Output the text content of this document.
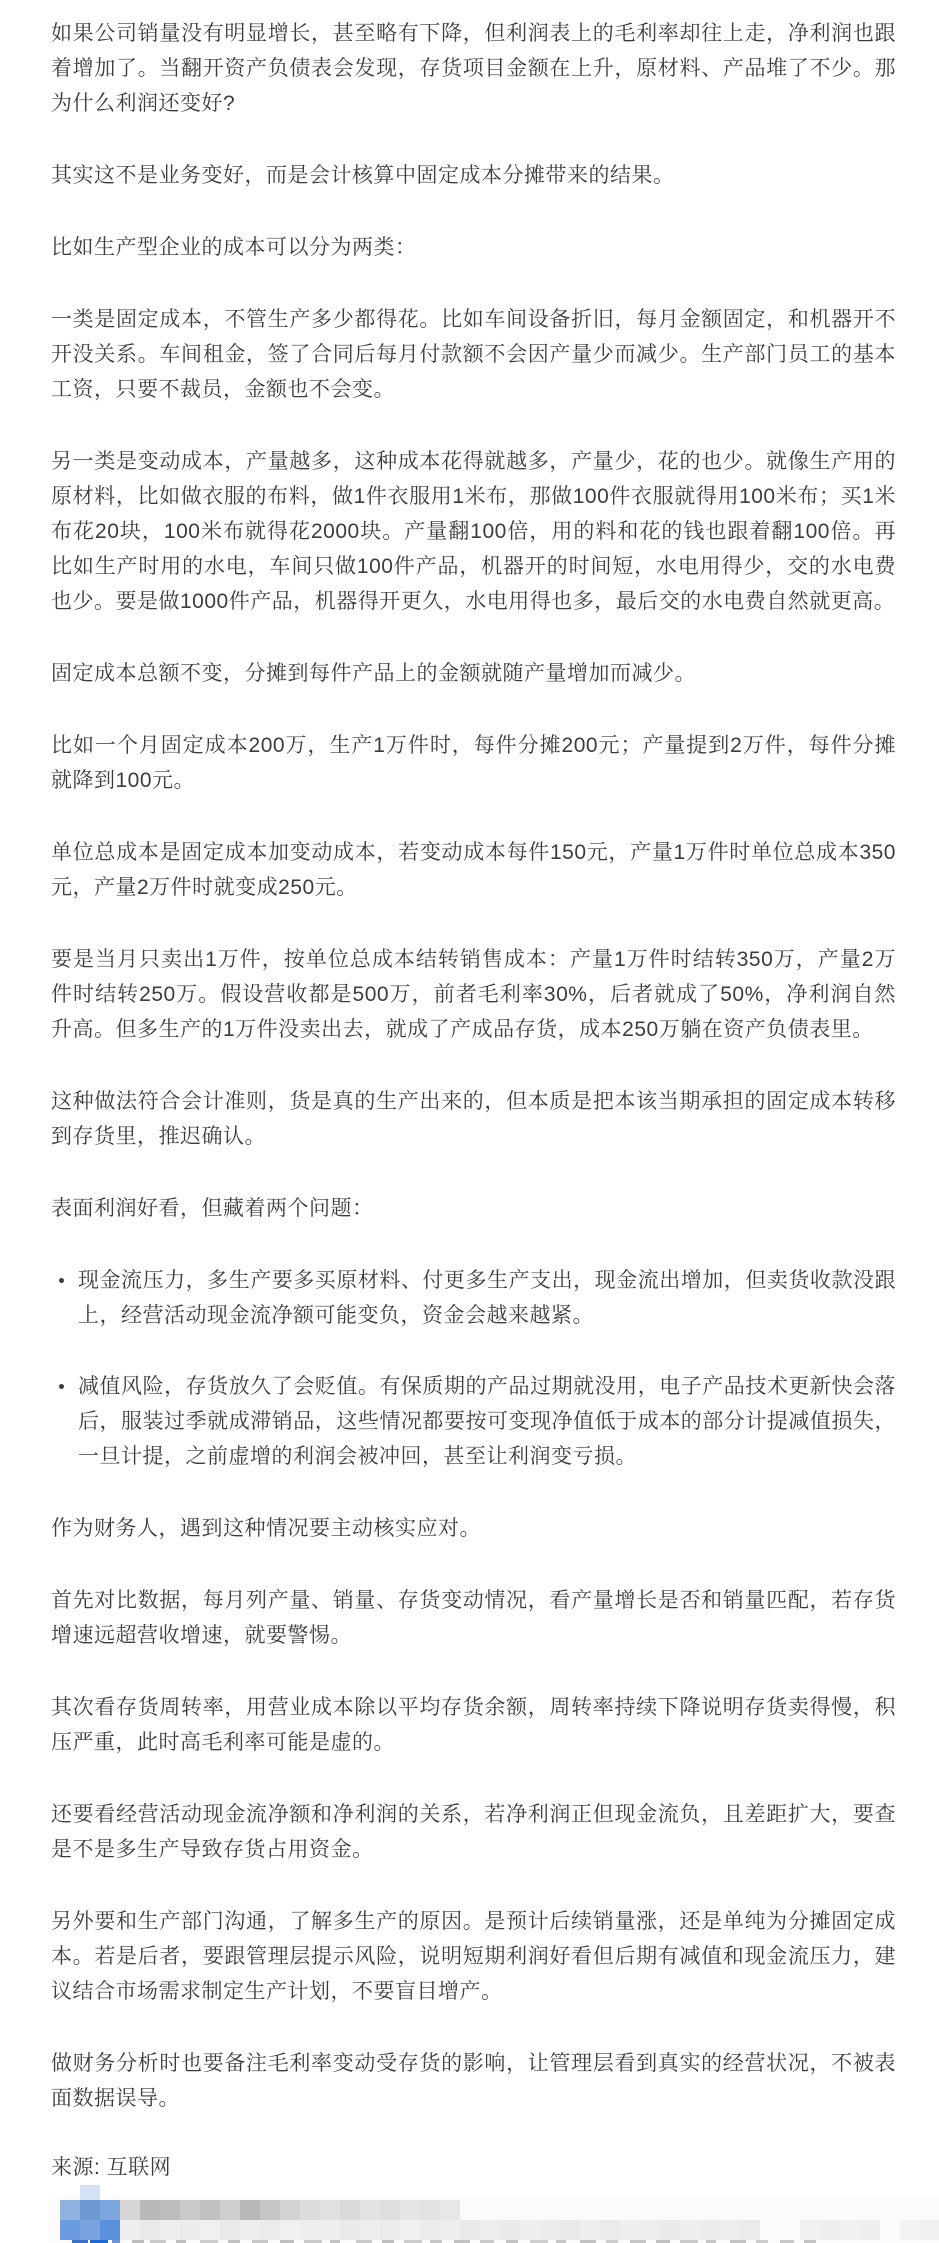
如果公司销量没有明显增长，甚至略有下降，但利润表上的毛利率却往上走，净利润也跟着增加了。当翻开资产负债表会发现，存货项目金额在上升，原材料、产品堆了不少。那为什么利润还变好?

其实这不是业务变好，而是会计核算中固定成本分摊带来的结果。

比如生产型企业的成本可以分为两类：

一类是固定成本，不管生产多少都得花。比如车间设备折旧，每月金额固定，和机器开不开没关系。车间租金，签了合同后每月付款额不会因产量少而减少。生产部门员工的基本工资，只要不裁员，金额也不会变。

另一类是变动成本，产量越多，这种成本花得就越多，产量少，花的也少。就像生产用的原材料，比如做衣服的布料，做1件衣服用1米布，那做100件衣服就得用100米布；买1米布花20块，100米布就得花2000块。产量翻100倍，用的料和花的钱也跟着翻100倍。再比如生产时用的水电，车间只做100件产品，机器开的时间短，水电用得少，交的水电费也少。要是做1000件产品，机器得开更久，水电用得也多，最后交的水电费自然就更高。

固定成本总额不变，分摊到每件产品上的金额就随产量增加而减少。

比如一个月固定成本200万，生产1万件时，每件分摊200元；产量提到2万件，每件分摊就降到100元。

单位总成本是固定成本加变动成本，若变动成本每件150元，产量1万件时单位总成本350元，产量2万件时就变成250元。

要是当月只卖出1万件，按单位总成本结转销售成本：产量1万件时结转350万，产量2万件时结转250万。假设营收都是500万，前者毛利率30%，后者就成了50%，净利润自然升高。但多生产的1万件没卖出去，就成了产成品存货，成本250万躺在资产负债表里。

这种做法符合会计准则，货是真的生产出来的，但本质是把本该当期承担的固定成本转移到存货里，推迟确认。

表面利润好看，但藏着两个问题：

现金流压力，多生产要多买原材料、付更多生产支出，现金流出增加，但卖货收款没跟上，经营活动现金流净额可能变负，资金会越来越紧。
减值风险，存货放久了会贬值。有保质期的产品过期就没用，电子产品技术更新快会落后，服装过季就成滞销品，这些情况都要按可变现净值低于成本的部分计提减值损失，一旦计提，之前虚增的利润会被冲回，甚至让利润变亏损。

作为财务人，遇到这种情况要主动核实应对。

首先对比数据，每月列产量、销量、存货变动情况，看产量增长是否和销量匹配，若存货增速远超营收增速，就要警惕。

其次看存货周转率，用营业成本除以平均存货余额，周转率持续下降说明存货卖得慢，积压严重，此时高毛利率可能是虚的。

还要看经营活动现金流净额和净利润的关系，若净利润正但现金流负，且差距扩大，要查是不是多生产导致存货占用资金。

另外要和生产部门沟通，了解多生产的原因。是预计后续销量涨，还是单纯为分摊固定成本。若是后者，要跟管理层提示风险，说明短期利润好看但后期有减值和现金流压力，建议结合市场需求制定生产计划，不要盲目增产。

做财务分析时也要备注毛利率变动受存货的影响，让管理层看到真实的经营状况，不被表面数据误导。

来源: 互联网
